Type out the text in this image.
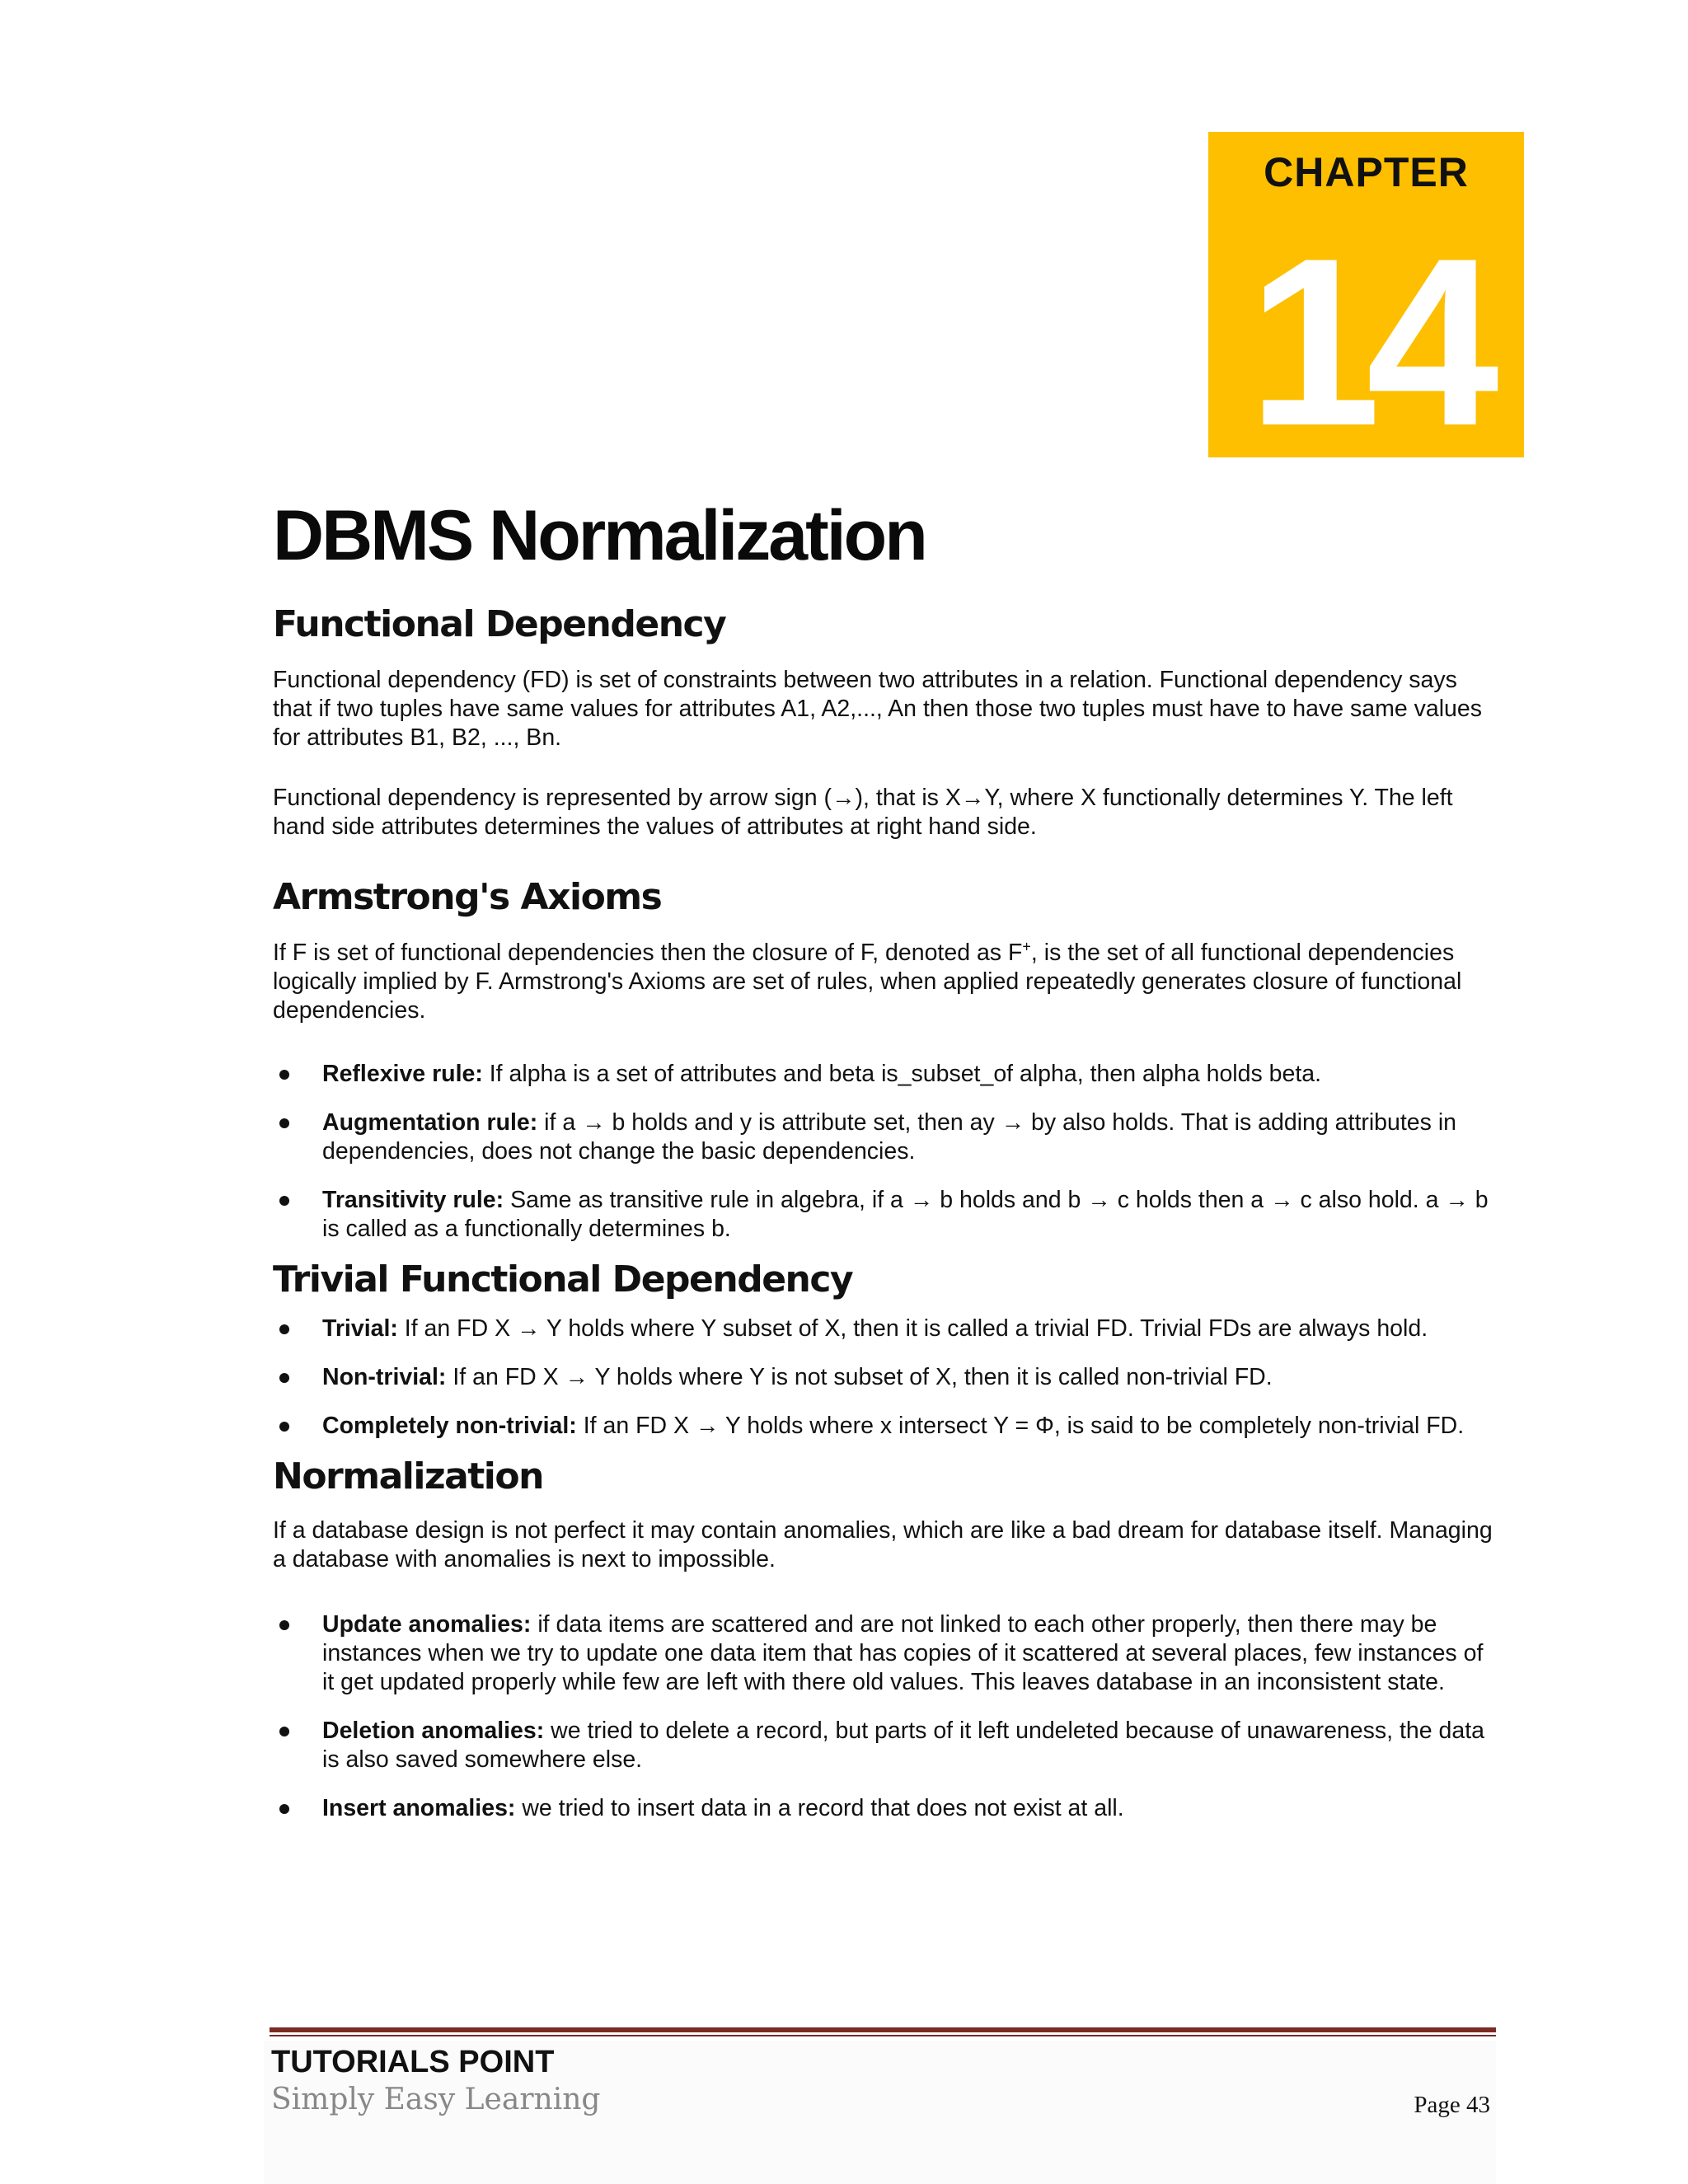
CHAPTER
14
DBMS Normalization
Functional Dependency

Functional dependency (FD) is set of constraints between two attributes in a relation. Functional dependency says that if two tuples have same values for attributes A1, A2,..., An then those two tuples must have to have same values for attributes B1, B2, ..., Bn.

Functional dependency is represented by arrow sign (→), that is X→Y, where X functionally determines Y. The left hand side attributes determines the values of attributes at right hand side.

Armstrong's Axioms

If F is set of functional dependencies then the closure of F, denoted as F+, is the set of all functional dependencies logically implied by F. Armstrong's Axioms are set of rules, when applied repeatedly generates closure of functional dependencies.

Reflexive rule: If alpha is a set of attributes and beta is_subset_of alpha, then alpha holds beta.
Augmentation rule: if a → b holds and y is attribute set, then ay → by also holds. That is adding attributes in dependencies, does not change the basic dependencies.
Transitivity rule: Same as transitive rule in algebra, if a → b holds and b → c holds then a → c also hold. a → b is called as a functionally determines b.
Trivial Functional Dependency
Trivial: If an FD X → Y holds where Y subset of X, then it is called a trivial FD. Trivial FDs are always hold.
Non-trivial: If an FD X → Y holds where Y is not subset of X, then it is called non-trivial FD.
Completely non-trivial: If an FD X → Y holds where x intersect Y = Φ, is said to be completely non-trivial FD.
Normalization

If a database design is not perfect it may contain anomalies, which are like a bad dream for database itself. Managing a database with anomalies is next to impossible.

Update anomalies: if data items are scattered and are not linked to each other properly, then there may be instances when we try to update one data item that has copies of it scattered at several places, few instances of it get updated properly while few are left with there old values. This leaves database in an inconsistent state.
Deletion anomalies: we tried to delete a record, but parts of it left undeleted because of unawareness, the data is also saved somewhere else.
Insert anomalies: we tried to insert data in a record that does not exist at all.
TUTORIALS POINT
Simply Easy Learning	Page 43
